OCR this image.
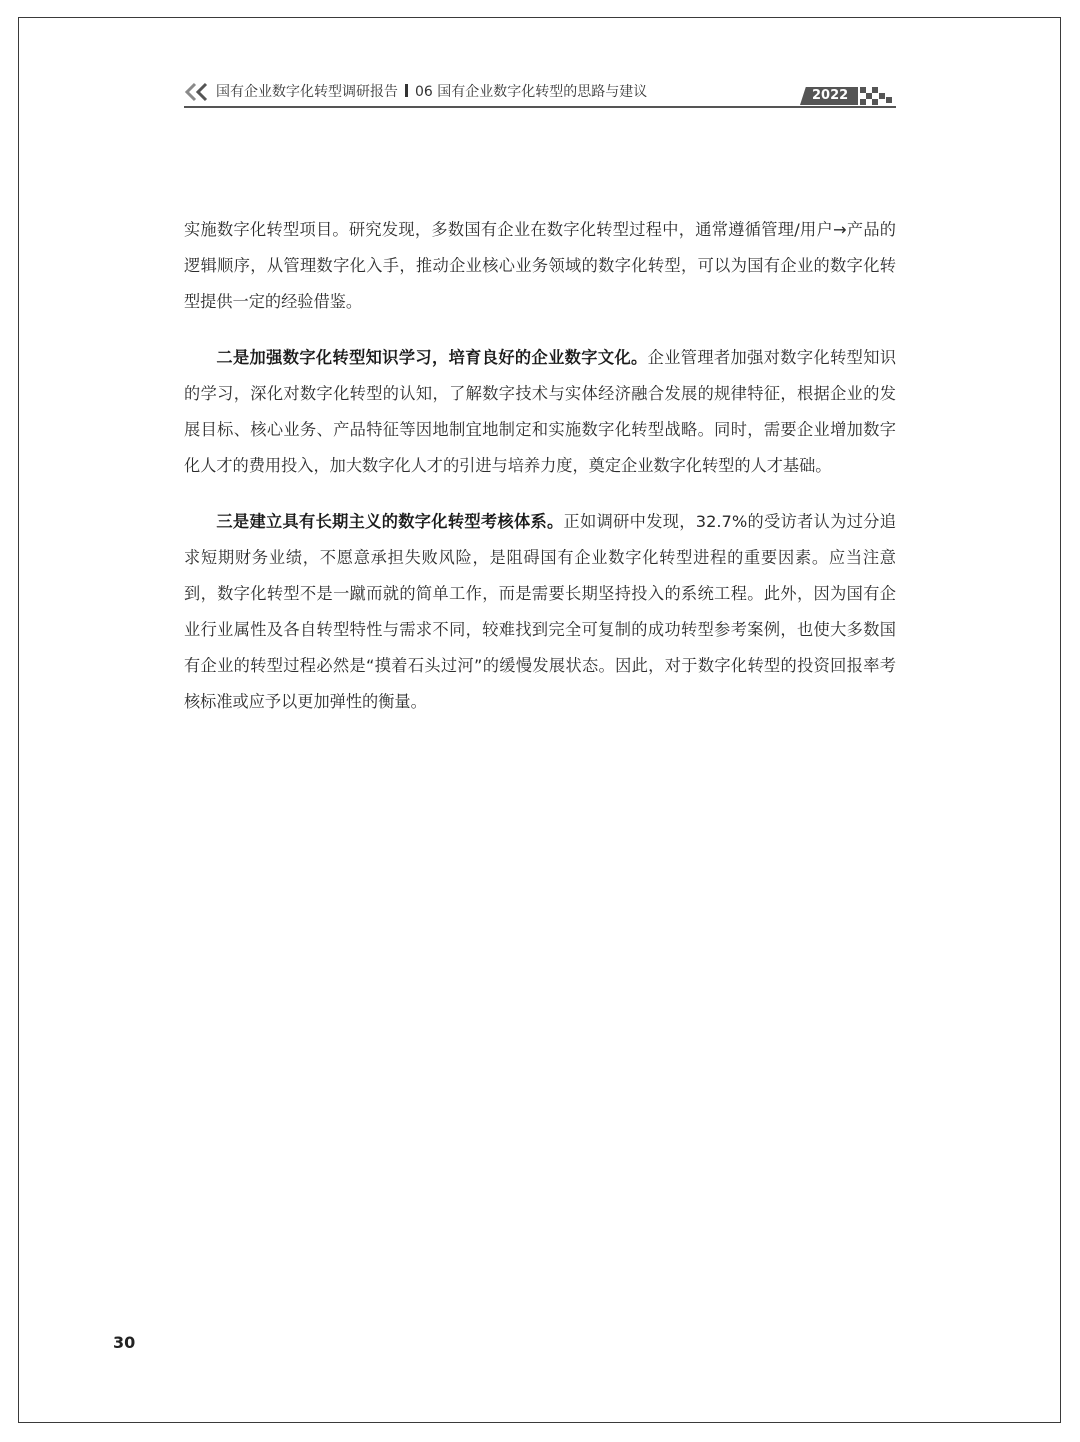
国有企业数字化转型调研报告 06 国有企业数字化转型的思路与建议	2022

实施数字化转型项目。研究发现，多数国有企业在数字化转型过程中，通常遵循管理/用户→产品的逻辑顺序，从管理数字化入手，推动企业核心业务领域的数字化转型，可以为国有企业的数字化转型提供一定的经验借鉴。

二是加强数字化转型知识学习，培育良好的企业数字文化。企业管理者加强对数字化转型知识的学习，深化对数字化转型的认知，了解数字技术与实体经济融合发展的规律特征，根据企业的发展目标、核心业务、产品特征等因地制宜地制定和实施数字化转型战略。同时，需要企业增加数字化人才的费用投入，加大数字化人才的引进与培养力度，奠定企业数字化转型的人才基础。

三是建立具有长期主义的数字化转型考核体系。正如调研中发现，32.7%的受访者认为过分追求短期财务业绩，不愿意承担失败风险，是阻碍国有企业数字化转型进程的重要因素。应当注意到，数字化转型不是一蹴而就的简单工作，而是需要长期坚持投入的系统工程。此外，因为国有企业行业属性及各自转型特性与需求不同，较难找到完全可复制的成功转型参考案例，也使大多数国有企业的转型过程必然是“摸着石头过河”的缓慢发展状态。因此，对于数字化转型的投资回报率考核标准或应予以更加弹性的衡量。

30
